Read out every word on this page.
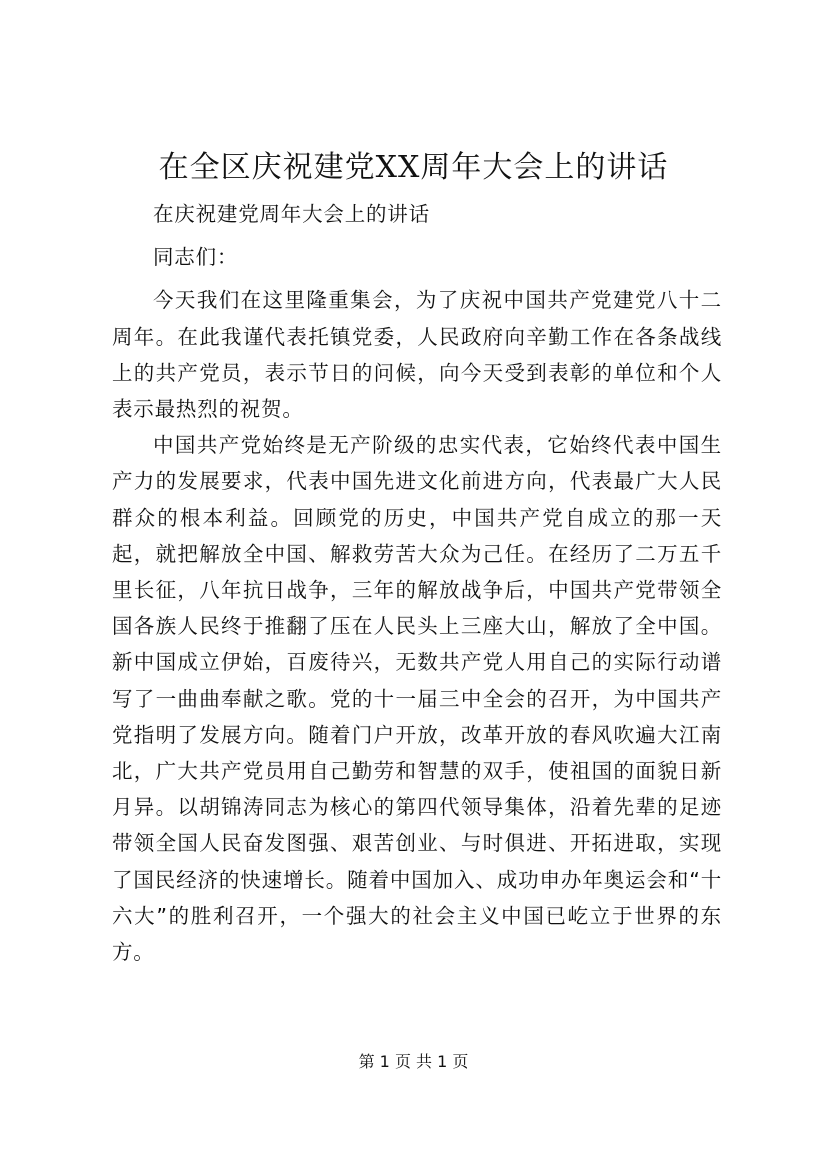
在全区庆祝建党XX周年大会上的讲话

在庆祝建党周年大会上的讲话

同志们：

今天我们在这里隆重集会，为了庆祝中国共产党建党八十二周年。在此我谨代表托镇党委，人民政府向辛勤工作在各条战线上的共产党员，表示节日的问候，向今天受到表彰的单位和个人表示最热烈的祝贺。

中国共产党始终是无产阶级的忠实代表，它始终代表中国生产力的发展要求，代表中国先进文化前进方向，代表最广大人民群众的根本利益。回顾党的历史，中国共产党自成立的那一天起，就把解放全中国、解救劳苦大众为己任。在经历了二万五千里长征，八年抗日战争，三年的解放战争后，中国共产党带领全国各族人民终于推翻了压在人民头上三座大山，解放了全中国。新中国成立伊始，百废待兴，无数共产党人用自己的实际行动谱写了一曲曲奉献之歌。党的十一届三中全会的召开，为中国共产党指明了发展方向。随着门户开放，改革开放的春风吹遍大江南北，广大共产党员用自己勤劳和智慧的双手，使祖国的面貌日新月异。以胡锦涛同志为核心的第四代领导集体，沿着先辈的足迹带领全国人民奋发图强、艰苦创业、与时俱进、开拓进取，实现了国民经济的快速增长。随着中国加入、成功申办年奥运会和“十六大”的胜利召开，一个强大的社会主义中国已屹立于世界的东方。

第 1 页 共 1 页
